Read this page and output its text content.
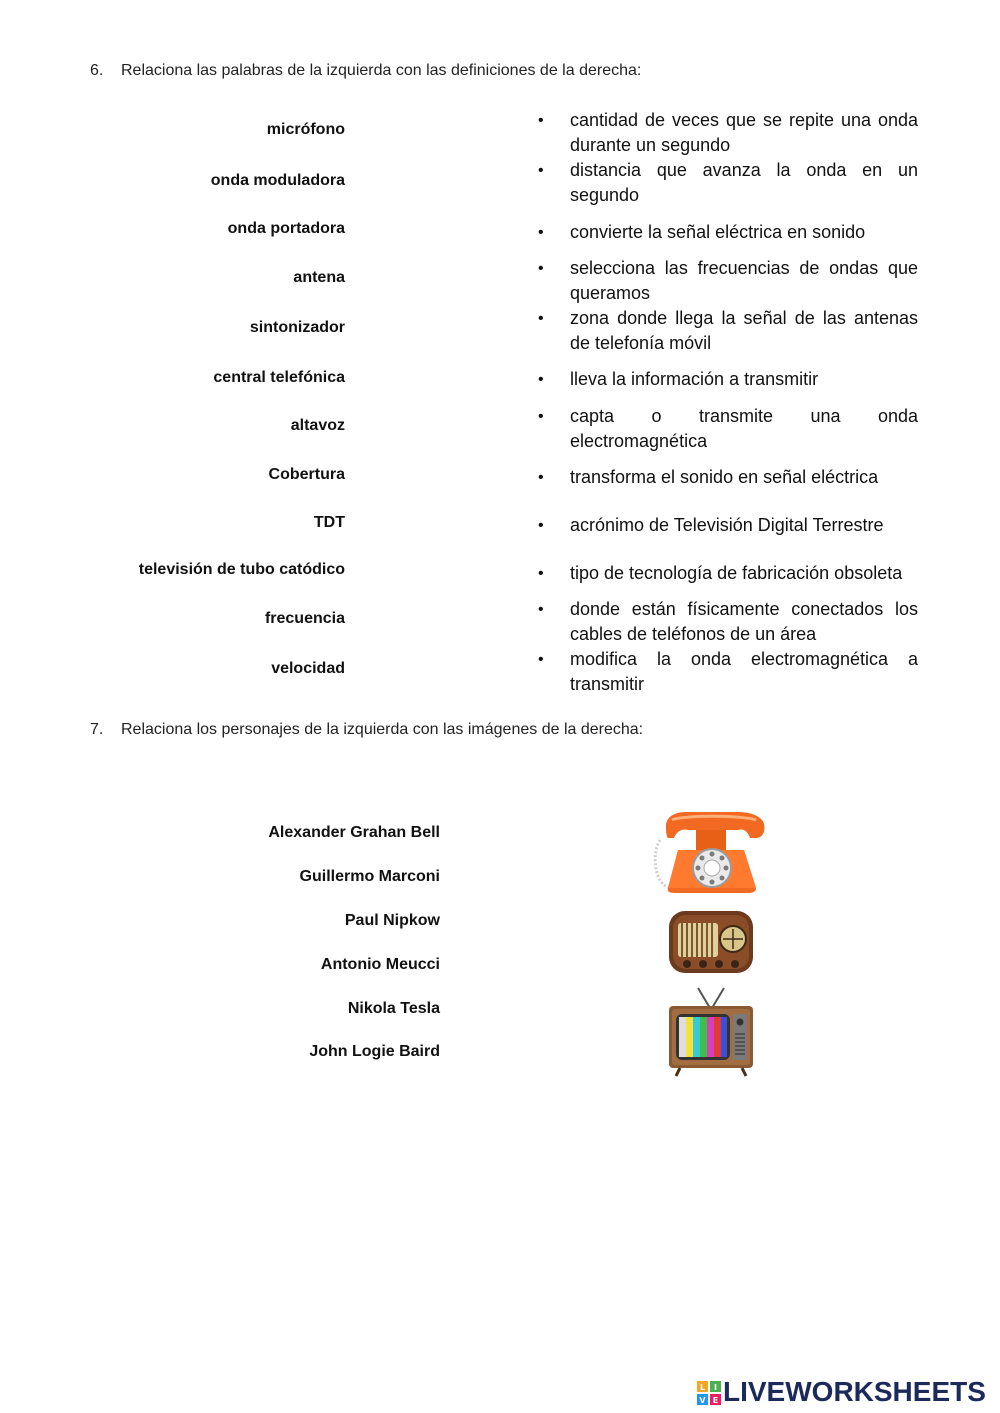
6. Relaciona las palabras de la izquierda con las definiciones de la derecha:
micrófono
onda moduladora
onda portadora
antena
sintonizador
central telefónica
altavoz
Cobertura
TDT
televisión de tubo catódico
frecuencia
velocidad
• cantidad de veces que se repite una onda durante un segundo
• distancia que avanza la onda en un segundo
• convierte la señal eléctrica en sonido
• selecciona las frecuencias de ondas que queramos
• zona donde llega la señal de las antenas de telefonía móvil
• lleva la información a transmitir
• capta o transmite una onda electromagnética
• transforma el sonido en señal eléctrica
• acrónimo de Televisión Digital Terrestre
• tipo de tecnología de fabricación obsoleta
• donde están físicamente conectados los cables de teléfonos de un área
• modifica la onda electromagnética a transmitir
7. Relaciona los personajes de la izquierda con las imágenes de la derecha:
Alexander Grahan Bell
Guillermo Marconi
Paul Nipkow
Antonio Meucci
Nikola Tesla
John Logie Baird
L I
V E LIVEWORKSHEETS
